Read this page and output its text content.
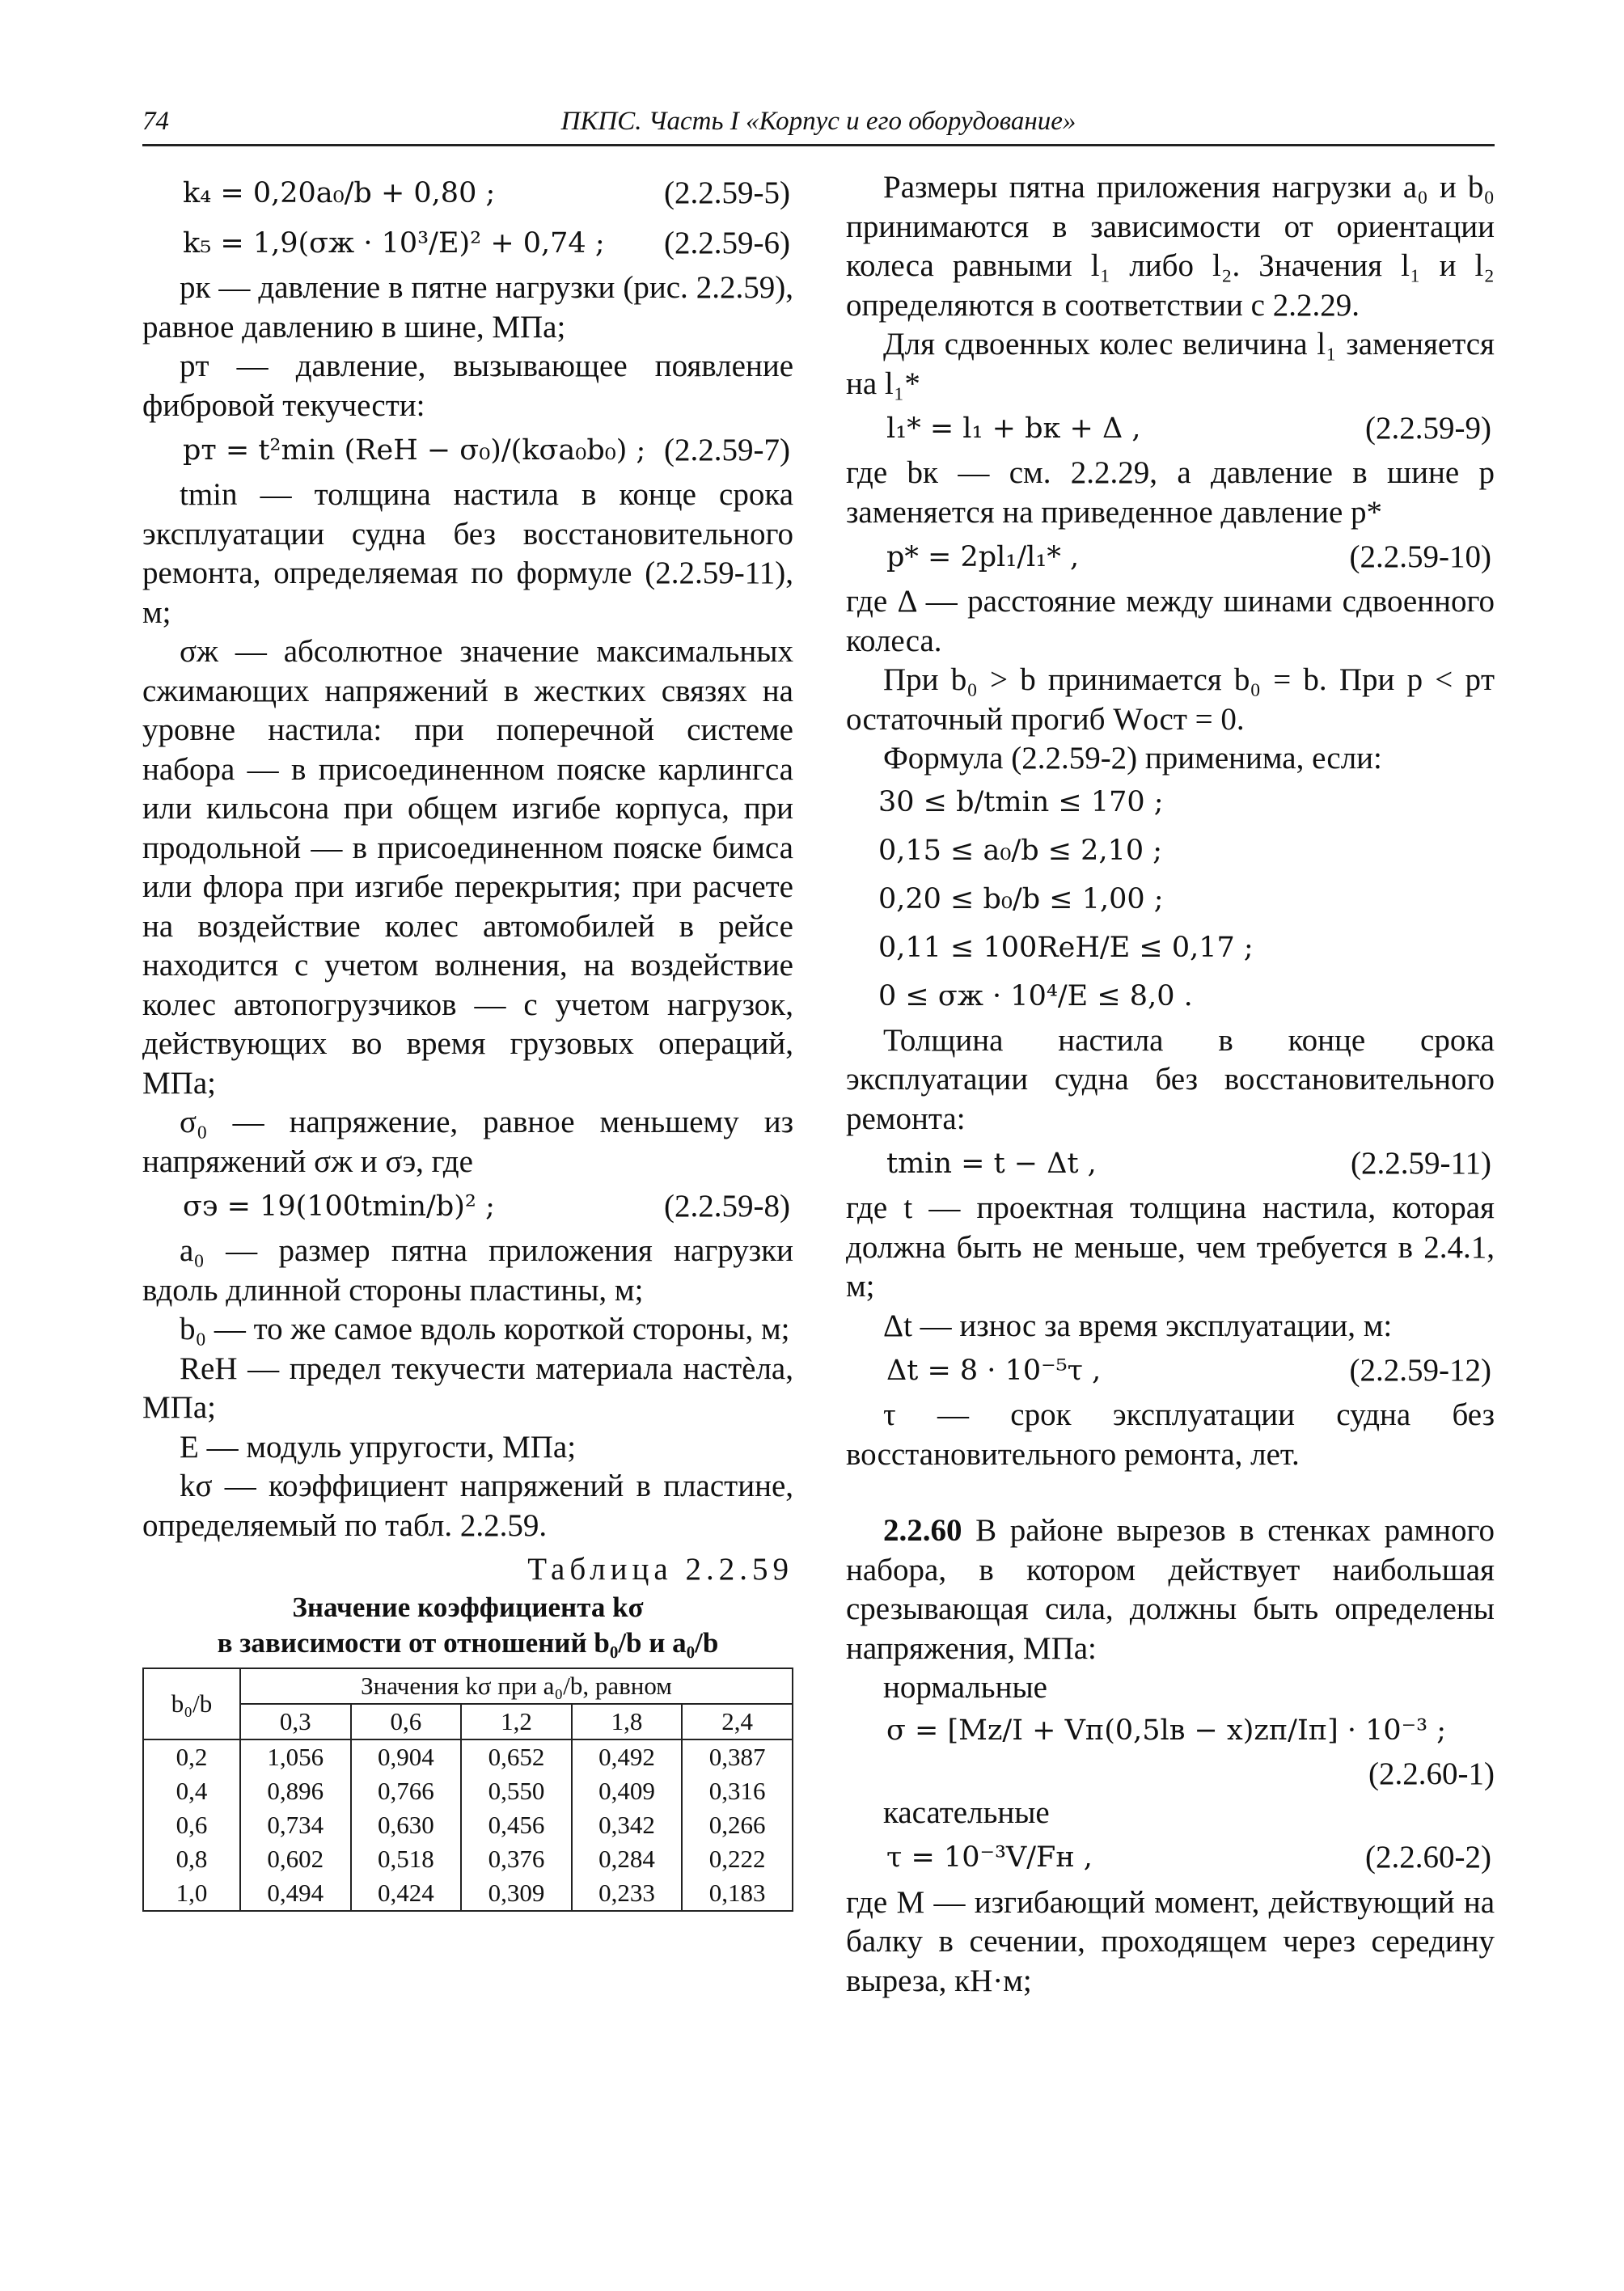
74	ПКПС. Часть I «Корпус и его оборудование»
k₄ = 0,20a₀/b + 0,80 ;	(2.2.59-5)
k₅ = 1,9(σж · 10³/E)² + 0,74 ; (2.2.59-6)

pк — давление в пятне нагрузки (рис. 2.2.59), равное давлению в шине, МПа;

pт — давление, вызывающее появление фибровой текучести:

pт = t²min (ReH − σ₀)/(kσa₀b₀) ; (2.2.59-7)

tmin — толщина настила в конце срока эксплуатации судна без восстановительного ремонта, определяемая по формуле (2.2.59-11), м;

σж — абсолютное значение максимальных сжимающих напряжений в жестких связях на уровне настила: при поперечной системе набора — в присоединенном пояске карлингса или кильсона при общем изгибе корпуса, при продольной — в присоединенном пояске бимса или флора при изгибе перекрытия; при расчете на воздействие колес автомобилей в рейсе находится с учетом волнения, на воздействие колес автопогрузчиков — с учетом нагрузок, действующих во время грузовых операций, МПа;

σ₀ — напряжение, равное меньшему из напряжений σж и σэ, где

σэ = 19(100tmin/b)² ;	(2.2.59-8)

a₀ — размер пятна приложения нагрузки вдоль длинной стороны пластины, м;

b₀ — то же самое вдоль короткой стороны, м;

ReH — предел текучести материала настѐла, МПа;

E — модуль упругости, МПа;

kσ — коэффициент напряжений в пластине, определяемый по табл. 2.2.59.

Таблица 2.2.59
Значение коэффициента kσ
в зависимости от отношений b₀/b и a₀/b
b₀/b	Значения kσ при a₀/b, равном				
	0,3	0,6	1,2	1,8	2,4
0,2	1,056	0,904	0,652	0,492	0,387
0,4	0,896	0,766	0,550	0,409	0,316
0,6	0,734	0,630	0,456	0,342	0,266
0,8	0,602	0,518	0,376	0,284	0,222
1,0	0,494	0,424	0,309	0,233	0,183

Размеры пятна приложения нагрузки a₀ и b₀ принимаются в зависимости от ориентации колеса равными l₁ либо l₂. Значения l₁ и l₂ определяются в соответствии с 2.2.29.

Для сдвоенных колес величина l₁ заменяется на l₁*

l₁* = l₁ + bк + Δ ,	(2.2.59-9)

где bк — см. 2.2.29, а давление в шине p заменяется на приведенное давление p*

p* = 2pl₁/l₁* ,	(2.2.59-10)

где Δ — расстояние между шинами сдвоенного колеса.

При b₀ > b принимается b₀ = b. При p < pт остаточный прогиб Wост = 0.

Формула (2.2.59-2) применима, если:

30 ≤ b/tmin ≤ 170 ;
0,15 ≤ a₀/b ≤ 2,10 ;
0,20 ≤ b₀/b ≤ 1,00 ;
0,11 ≤ 100ReH/E ≤ 0,17 ;
0 ≤ σж · 10⁴/E ≤ 8,0 .

Толщина настила в конце срока эксплуатации судна без восстановительного ремонта:

tmin = t − Δt ,	(2.2.59-11)

где t — проектная толщина настила, которая должна быть не меньше, чем требуется в 2.4.1, м;

Δt — износ за время эксплуатации, м:

Δt = 8 · 10⁻⁵τ ,	(2.2.59-12)

τ — срок эксплуатации судна без восстановительного ремонта, лет.

2.2.60 В районе вырезов в стенках рамного набора, в котором действует наибольшая срезывающая сила, должны быть определены напряжения, МПа:

нормальные

σ = [Mz/I + Vп(0,5lв − x)zп/Iп] · 10⁻³ ;
(2.2.60-1)

касательные

τ = 10⁻³V/Fн ,	(2.2.60-2)

где M — изгибающий момент, действующий на балку в сечении, проходящем через середину выреза, кН·м;
